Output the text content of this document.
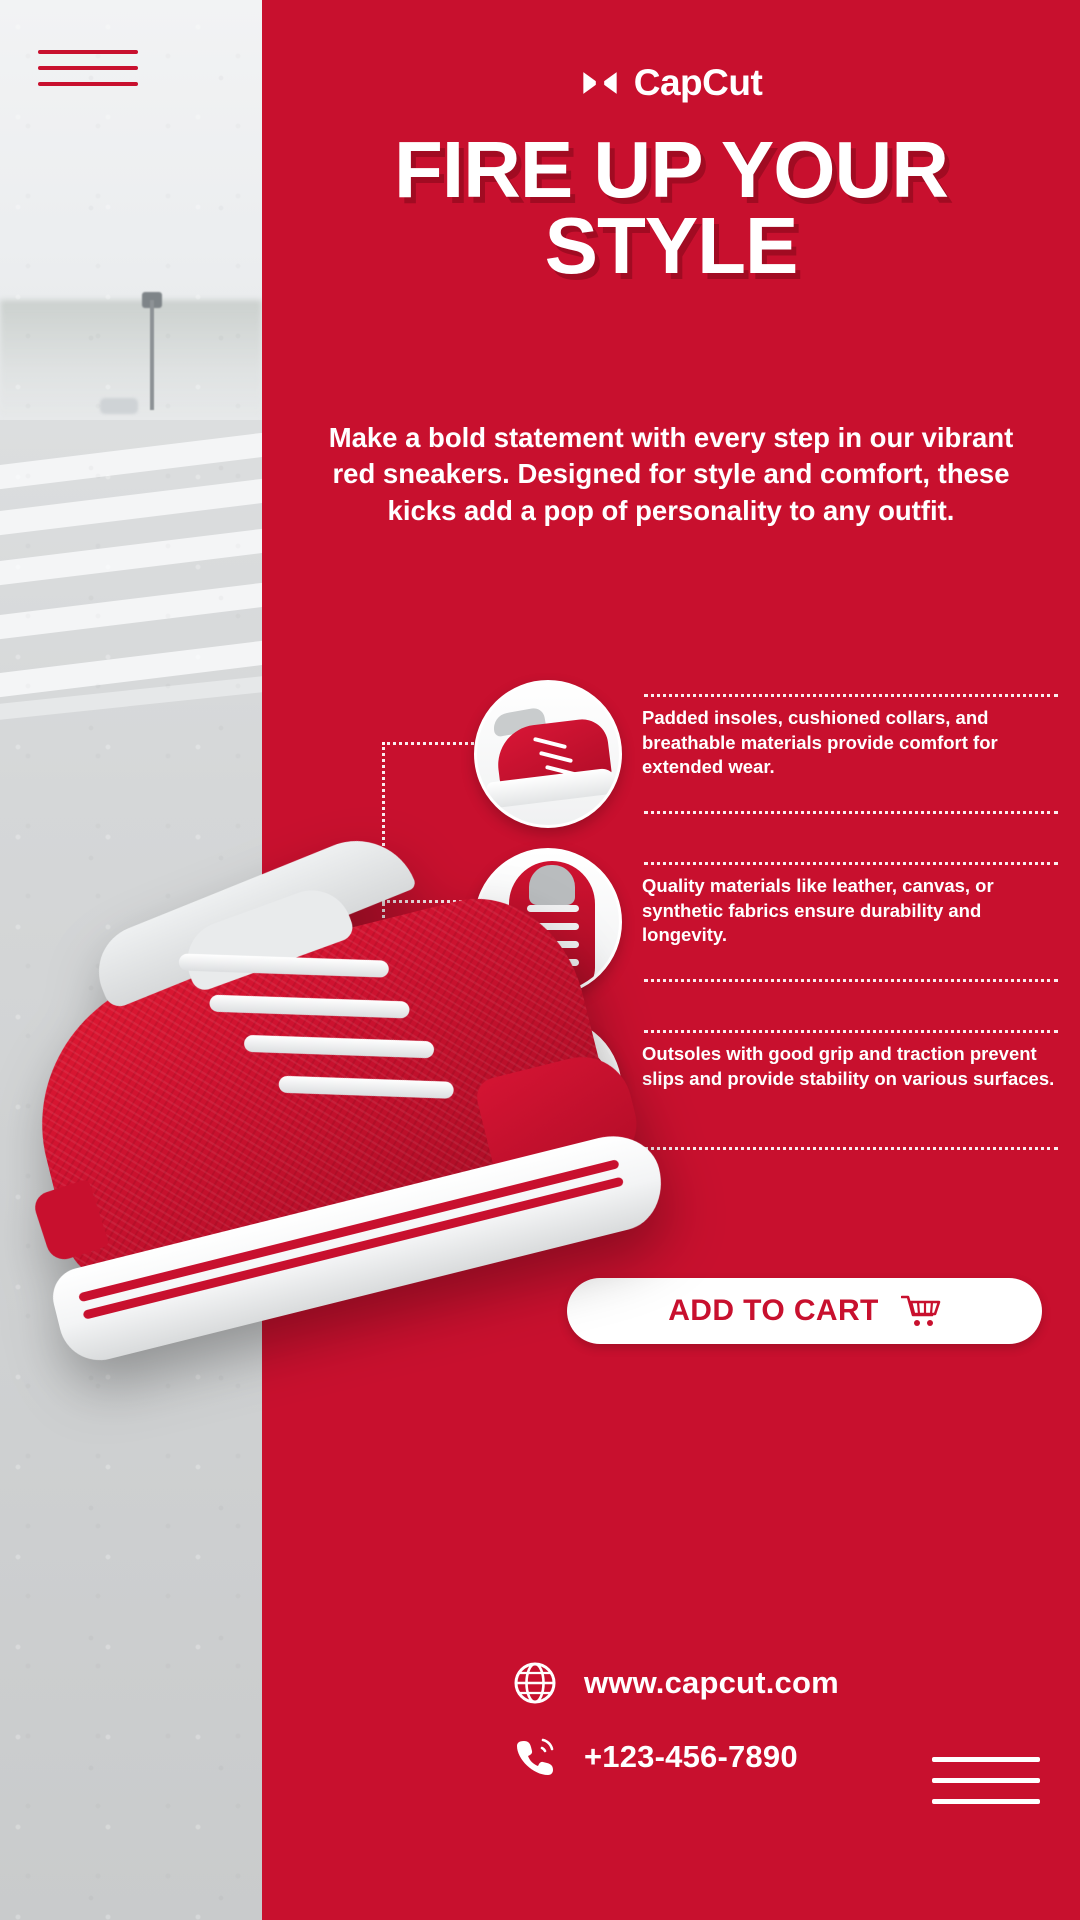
CapCut
FIRE UP YOUR STYLE
Make a bold statement with every step in our vibrant red sneakers. Designed for style and comfort, these kicks add a pop of personality to any outfit.
Padded insoles, cushioned collars, and breathable materials provide comfort for extended wear.
Quality materials like leather, canvas, or synthetic fabrics ensure durability and longevity.
Outsoles with good grip and traction prevent slips and provide stability on various surfaces.
ADD TO CART
www.capcut.com
+123-456-7890
